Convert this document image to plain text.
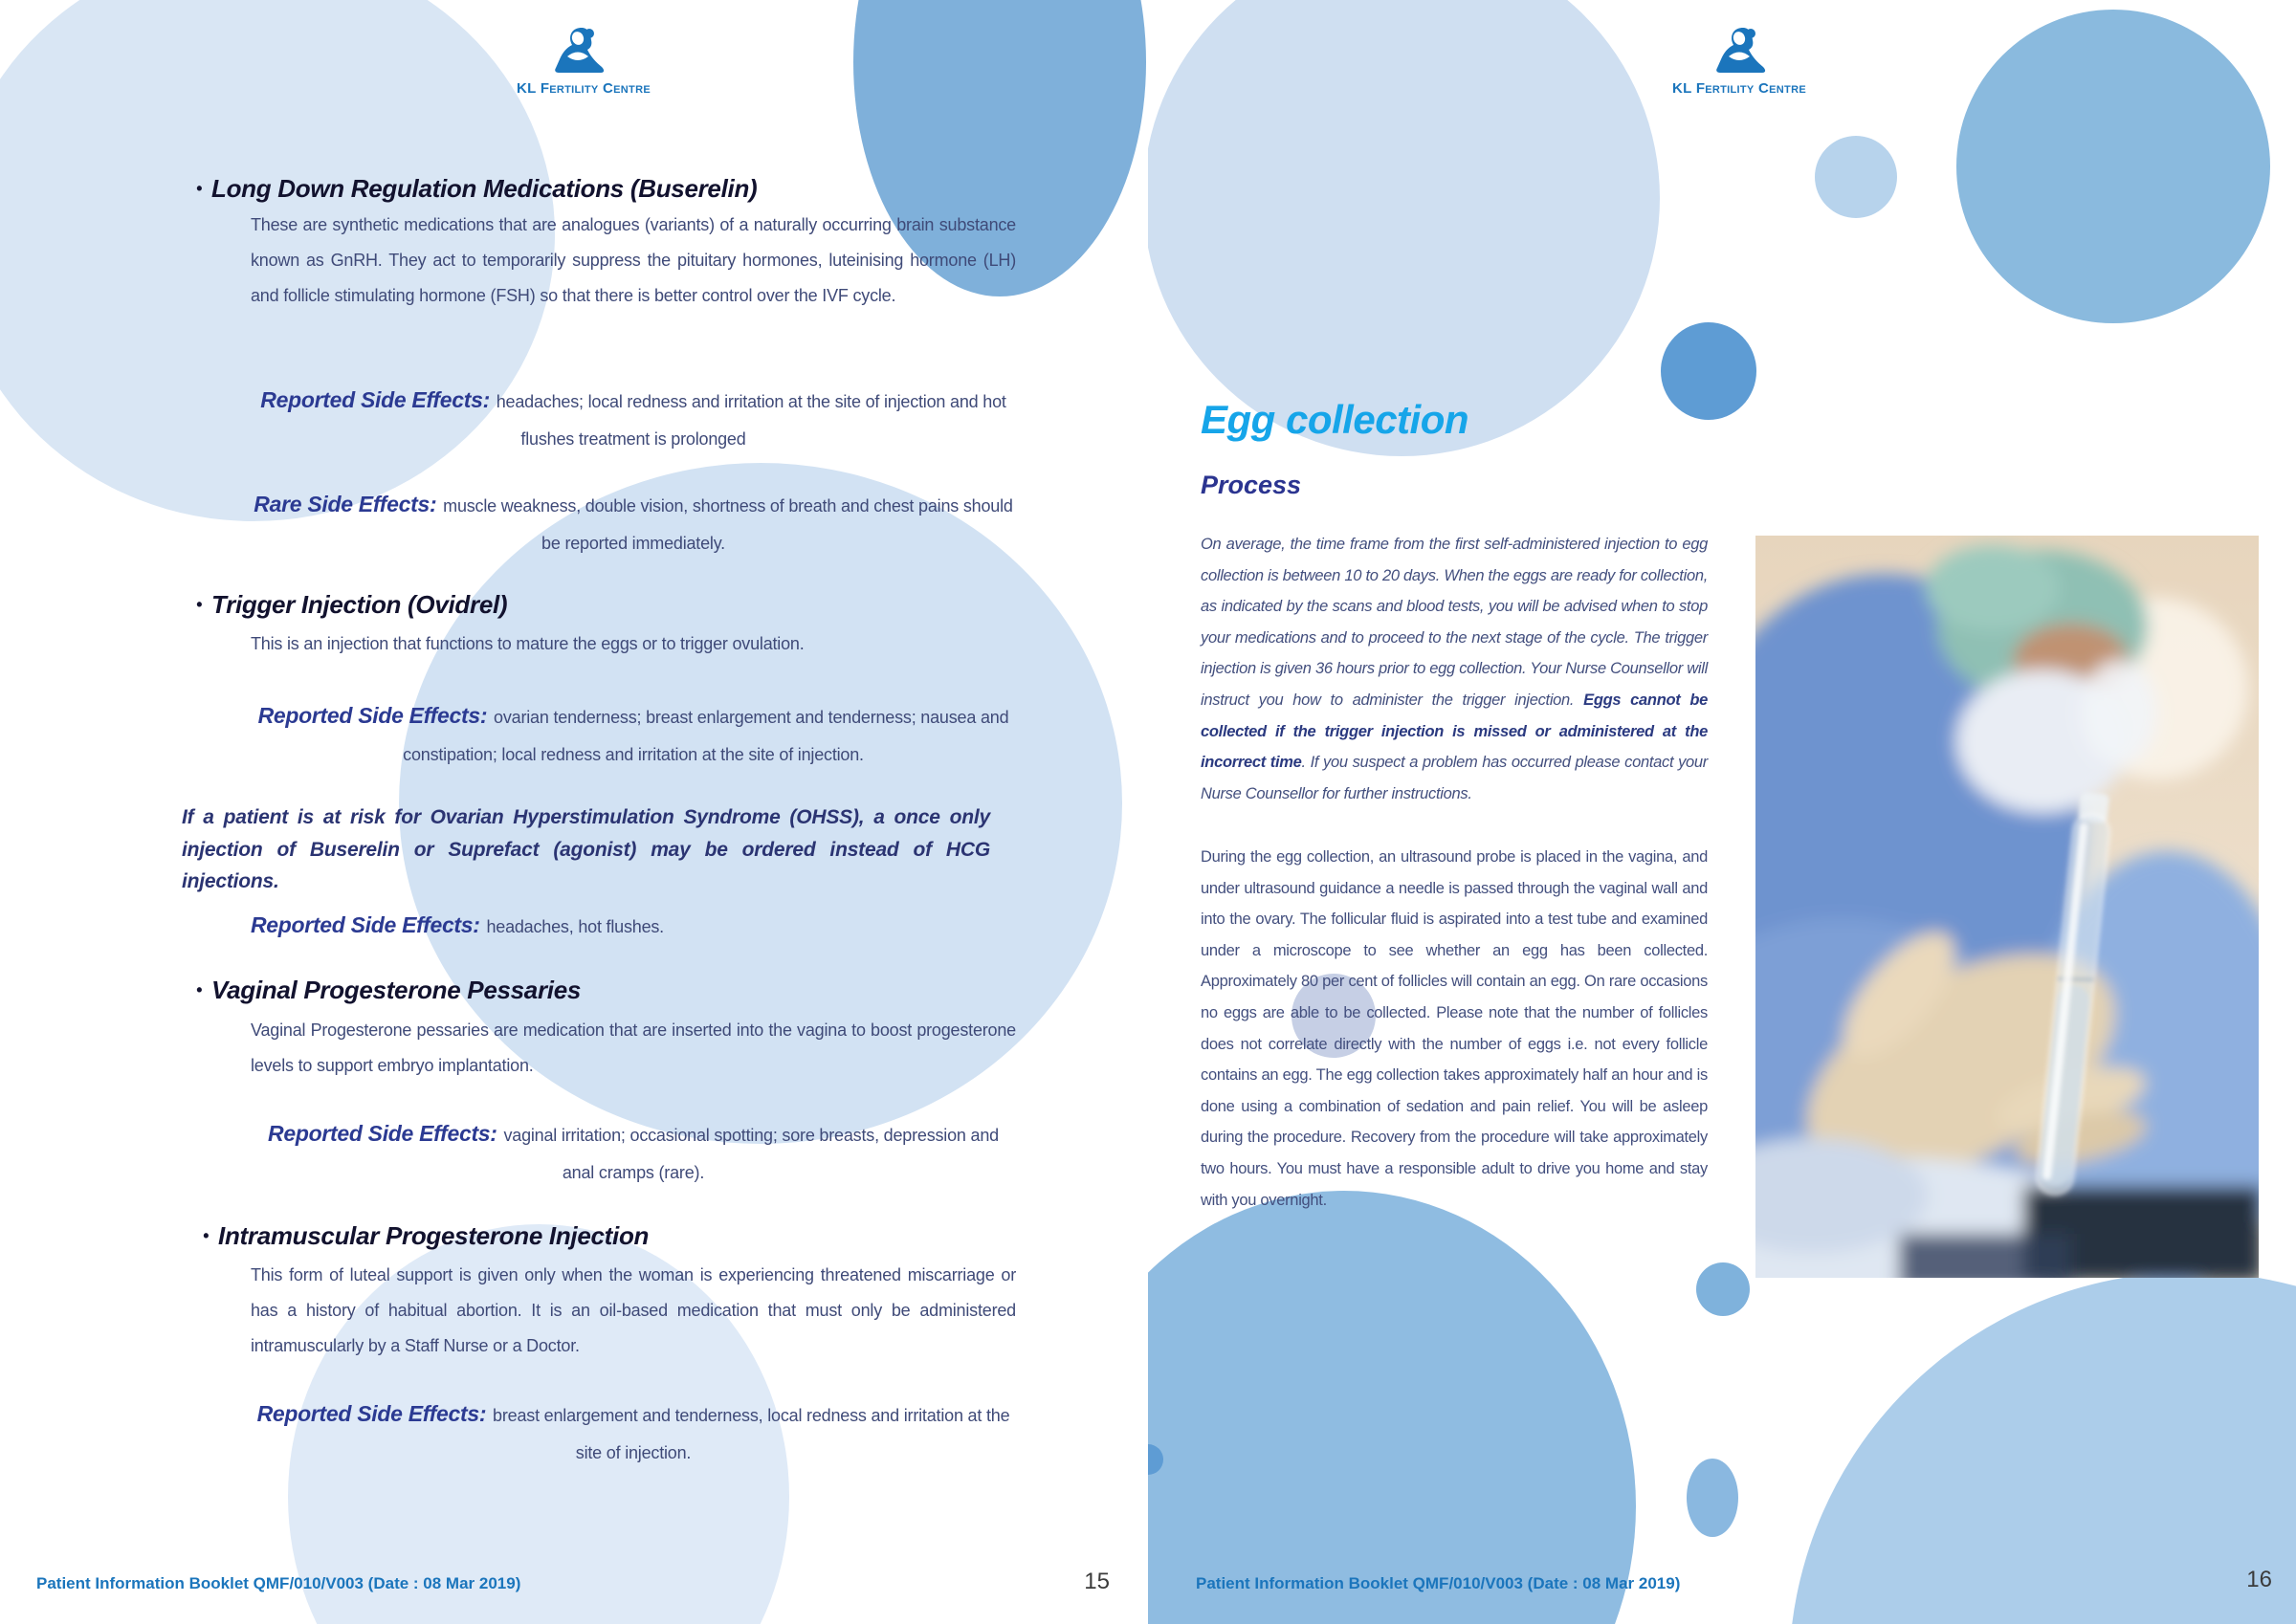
KL Fertility Centre
• Long Down Regulation Medications (Buserelin)
These are synthetic medications that are analogues (variants) of a naturally occurring brain substance known as GnRH. They act to temporarily suppress the pituitary hormones, luteinising hormone (LH) and follicle stimulating hormone (FSH) so that there is better control over the IVF cycle.
Reported Side Effects: headaches; local redness and irritation at the site of injection and hot flushes treatment is prolonged
Rare Side Effects: muscle weakness, double vision, shortness of breath and chest pains should be reported immediately.
• Trigger Injection (Ovidrel)
This is an injection that functions to mature the eggs or to trigger ovulation.
Reported Side Effects: ovarian tenderness; breast enlargement and tenderness; nausea and constipation; local redness and irritation at the site of injection.
If a patient is at risk for Ovarian Hyperstimulation Syndrome (OHSS), a once only injection of Buserelin or Suprefact (agonist) may be ordered instead of HCG injections.
Reported Side Effects: headaches, hot flushes.
• Vaginal Progesterone Pessaries
Vaginal Progesterone pessaries are medication that are inserted into the vagina to boost progesterone levels to support embryo implantation.
Reported Side Effects: vaginal irritation; occasional spotting; sore breasts, depression and anal cramps (rare).
• Intramuscular Progesterone Injection
This form of luteal support is given only when the woman is experiencing threatened miscarriage or has a history of habitual abortion. It is an oil-based medication that must only be administered intramuscularly by a Staff Nurse or a Doctor.
Reported Side Effects: breast enlargement and tenderness, local redness and irritation at the site of injection.
Patient Information Booklet QMF/010/V003 (Date : 08 Mar 2019)	15
KL Fertility Centre
Egg collection
Process
On average, the time frame from the first self-administered injection to egg collection is between 10 to 20 days. When the eggs are ready for collection, as indicated by the scans and blood tests, you will be advised when to stop your medications and to proceed to the next stage of the cycle. The trigger injection is given 36 hours prior to egg collection. Your Nurse Counsellor will instruct you how to administer the trigger injection. Eggs cannot be collected if the trigger injection is missed or administered at the incorrect time. If you suspect a problem has occurred please contact your Nurse Counsellor for further instructions.
During the egg collection, an ultrasound probe is placed in the vagina, and under ultrasound guidance a needle is passed through the vaginal wall and into the ovary. The follicular fluid is aspirated into a test tube and examined under a microscope to see whether an egg has been collected. Approximately 80 per cent of follicles will contain an egg. On rare occasions no eggs are able to be collected. Please note that the number of follicles does not correlate directly with the number of eggs i.e. not every follicle contains an egg. The egg collection takes approximately half an hour and is done using a combination of sedation and pain relief. You will be asleep during the procedure. Recovery from the procedure will take approximately two hours. You must have a responsible adult to drive you home and stay with you overnight.
Patient Information Booklet QMF/010/V003 (Date : 08 Mar 2019)	16
